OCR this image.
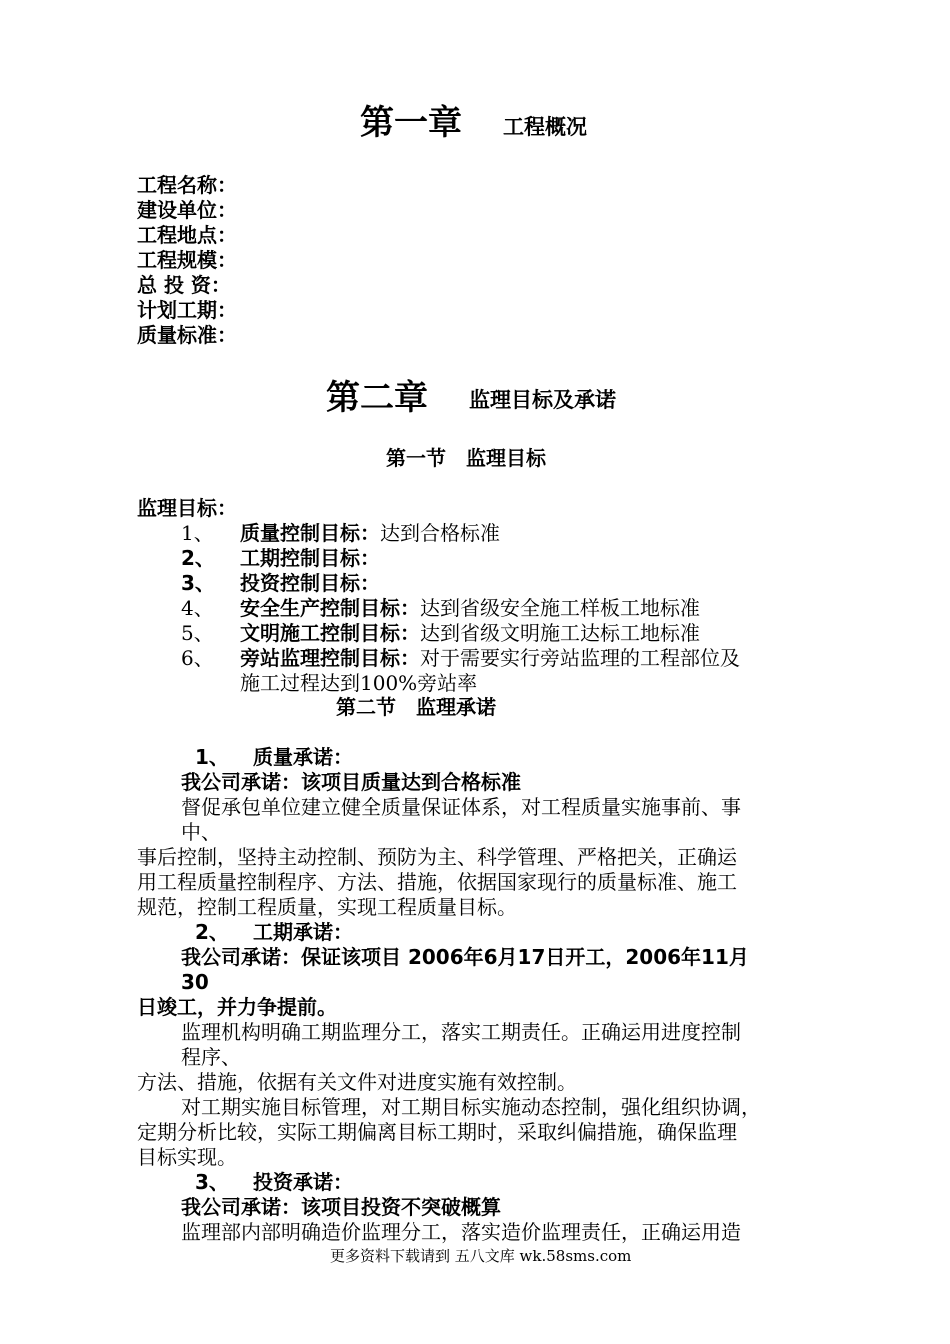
第一章 工程概况
工程名称：
建设单位：
工程地点：
工程规模：
总 投 资：
计划工期：
质量标准：
第二章 监理目标及承诺
第一节　监理目标
监理目标：
1、 质量控制目标：达到合格标准
2、 工期控制目标：
3、 投资控制目标：
4、 安全生产控制目标：达到省级安全施工样板工地标准
5、 文明施工控制目标：达到省级文明施工达标工地标准
6、 旁站监理控制目标：对于需要实行旁站监理的工程部位及
施工过程达到100%旁站率
第二节　监理承诺
1、 质量承诺：
我公司承诺：该项目质量达到合格标准
督促承包单位建立健全质量保证体系，对工程质量实施事前、事
中、
事后控制，坚持主动控制、预防为主、科学管理、严格把关，正确运
用工程质量控制程序、方法、措施，依据国家现行的质量标准、施工
规范，控制工程质量，实现工程质量目标。
2、 工期承诺：
我公司承诺：保证该项目 2006年6月17日开工，2006年11月
30
日竣工，并力争提前。
监理机构明确工期监理分工，落实工期责任。正确运用进度控制
程序、
方法、措施，依据有关文件对进度实施有效控制。
对工期实施目标管理，对工期目标实施动态控制，强化组织协调，
定期分析比较，实际工期偏离目标工期时，采取纠偏措施，确保监理
目标实现。
3、 投资承诺：
我公司承诺：该项目投资不突破概算
监理部内部明确造价监理分工，落实造价监理责任，正确运用造
更多资料下载请到 五八文库 wk.58sms.com
